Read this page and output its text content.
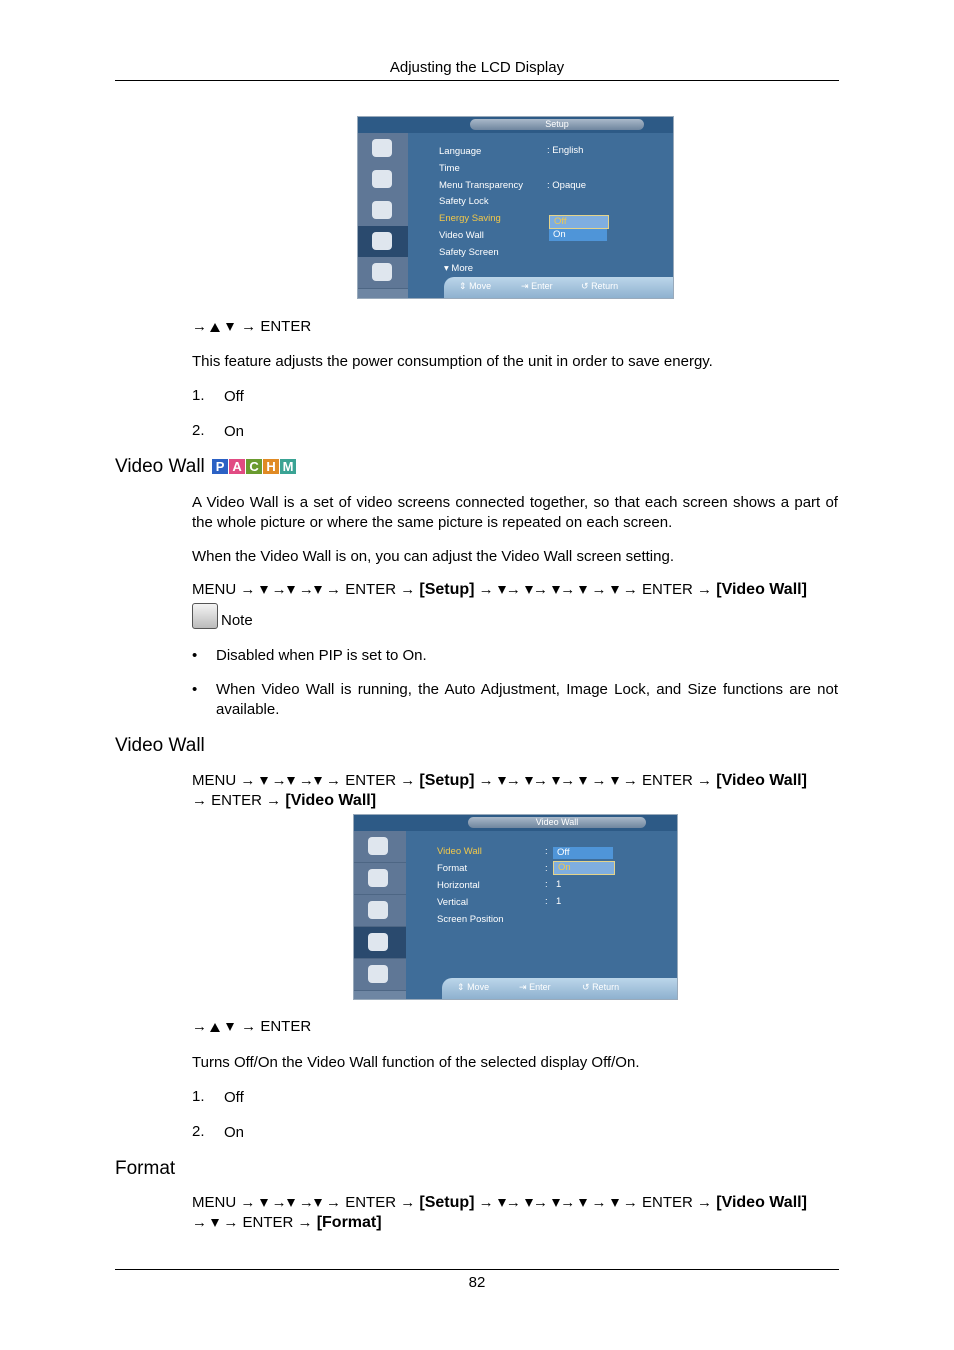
Adjusting the LCD Display
Setup
Language
Time
Menu Transparency
Safety Lock
Energy Saving
Video Wall
Safety Screen
▾ More
: English
: Opaque
Off
On
⇕ Move	⇥ Enter	↺ Return
→ → ENTER
This feature adjusts the power consumption of the unit in order to save energy.
1. Off
2. On
Video Wall P A C H M
A Video Wall is a set of video screens connected together, so that each screen shows a part of the whole picture or where the same picture is repeated on each screen.
When the Video Wall is on, you can adjust the Video Wall screen setting.
MENU →  → → → ENTER → [Setup] → → → →  →  → ENTER → [Video Wall]
Note
• Disabled when PIP is set to On.
• When Video Wall is running, the Auto Adjustment, Image Lock, and Size functions are not available.
Video Wall
MENU →  → → → ENTER → [Setup] → → → →  →  → ENTER → [Video Wall]
→ ENTER → [Video Wall]
Video Wall
Video Wall
Format
Horizontal
Vertical
Screen Position
:
:
:
:
1
1
Off
On
⇕ Move	⇥ Enter	↺ Return
→ → ENTER
Turns Off/On the Video Wall function of the selected display Off/On.
1. Off
2. On
Format
MENU →  → → → ENTER → [Setup] → → → →  →  → ENTER → [Video Wall]
→ → ENTER → [Format]
82
